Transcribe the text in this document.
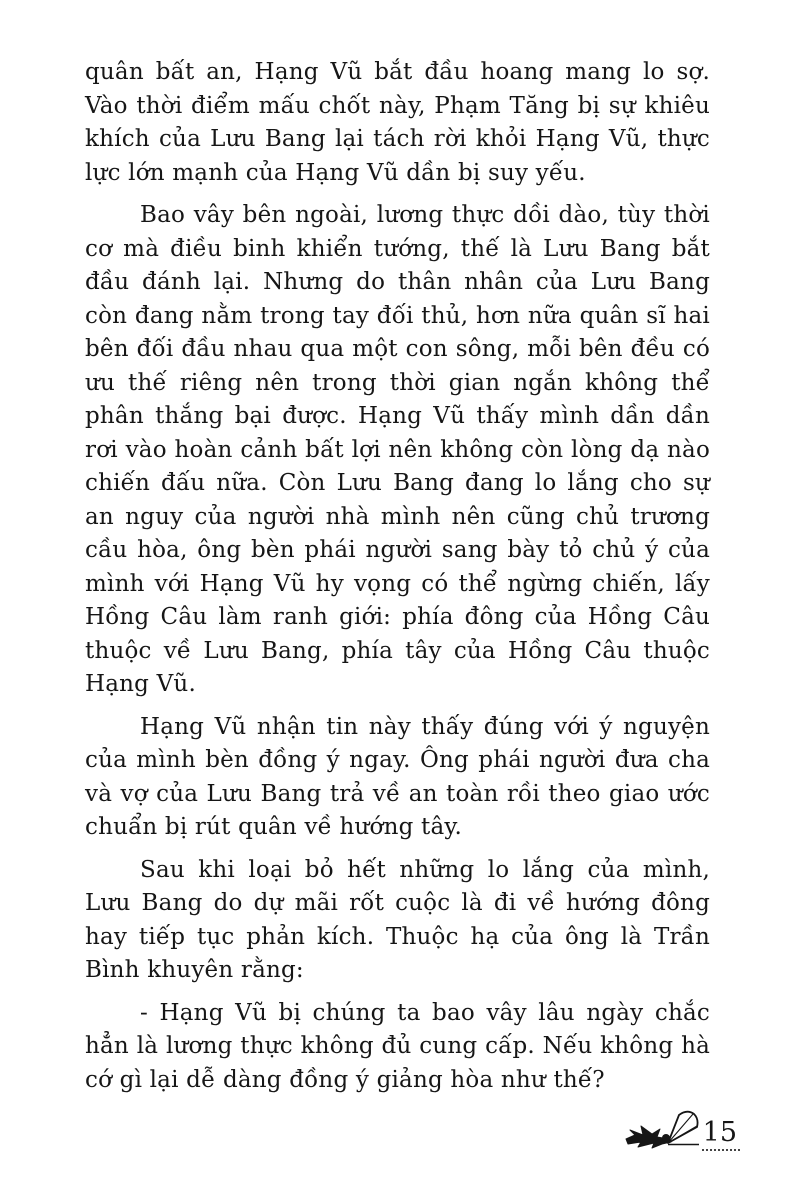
quân bất an, Hạng Vũ bắt đầu hoang mang lo sợ. Vào thời điểm mấu chốt này, Phạm Tăng bị sự khiêu khích của Lưu Bang lại tách rời khỏi Hạng Vũ, thực lực lớn mạnh của Hạng Vũ dần bị suy yếu.

Bao vây bên ngoài, lương thực dồi dào, tùy thời cơ mà điều binh khiển tướng, thế là Lưu Bang bắt đầu đánh lại. Nhưng do thân nhân của Lưu Bang còn đang nằm trong tay đối thủ, hơn nữa quân sĩ hai bên đối đầu nhau qua một con sông, mỗi bên đều có ưu thế riêng nên trong thời gian ngắn không thể phân thắng bại được. Hạng Vũ thấy mình dần dần rơi vào hoàn cảnh bất lợi nên không còn lòng dạ nào chiến đấu nữa. Còn Lưu Bang đang lo lắng cho sự an nguy của người nhà mình nên cũng chủ trương cầu hòa, ông bèn phái người sang bày tỏ chủ ý của mình với Hạng Vũ hy vọng có thể ngừng chiến, lấy Hồng Câu làm ranh giới: phía đông của Hồng Câu thuộc về Lưu Bang, phía tây của Hồng Câu thuộc Hạng Vũ.

Hạng Vũ nhận tin này thấy đúng với ý nguyện của mình bèn đồng ý ngay. Ông phái người đưa cha và vợ của Lưu Bang trả về an toàn rồi theo giao ước chuẩn bị rút quân về hướng tây.

Sau khi loại bỏ hết những lo lắng của mình, Lưu Bang do dự mãi rốt cuộc là đi về hướng đông hay tiếp tục phản kích. Thuộc hạ của ông là Trần Bình khuyên rằng:

- Hạng Vũ bị chúng ta bao vây lâu ngày chắc hẳn là lương thực không đủ cung cấp. Nếu không hà cớ gì lại dễ dàng đồng ý giảng hòa như thế?

15
